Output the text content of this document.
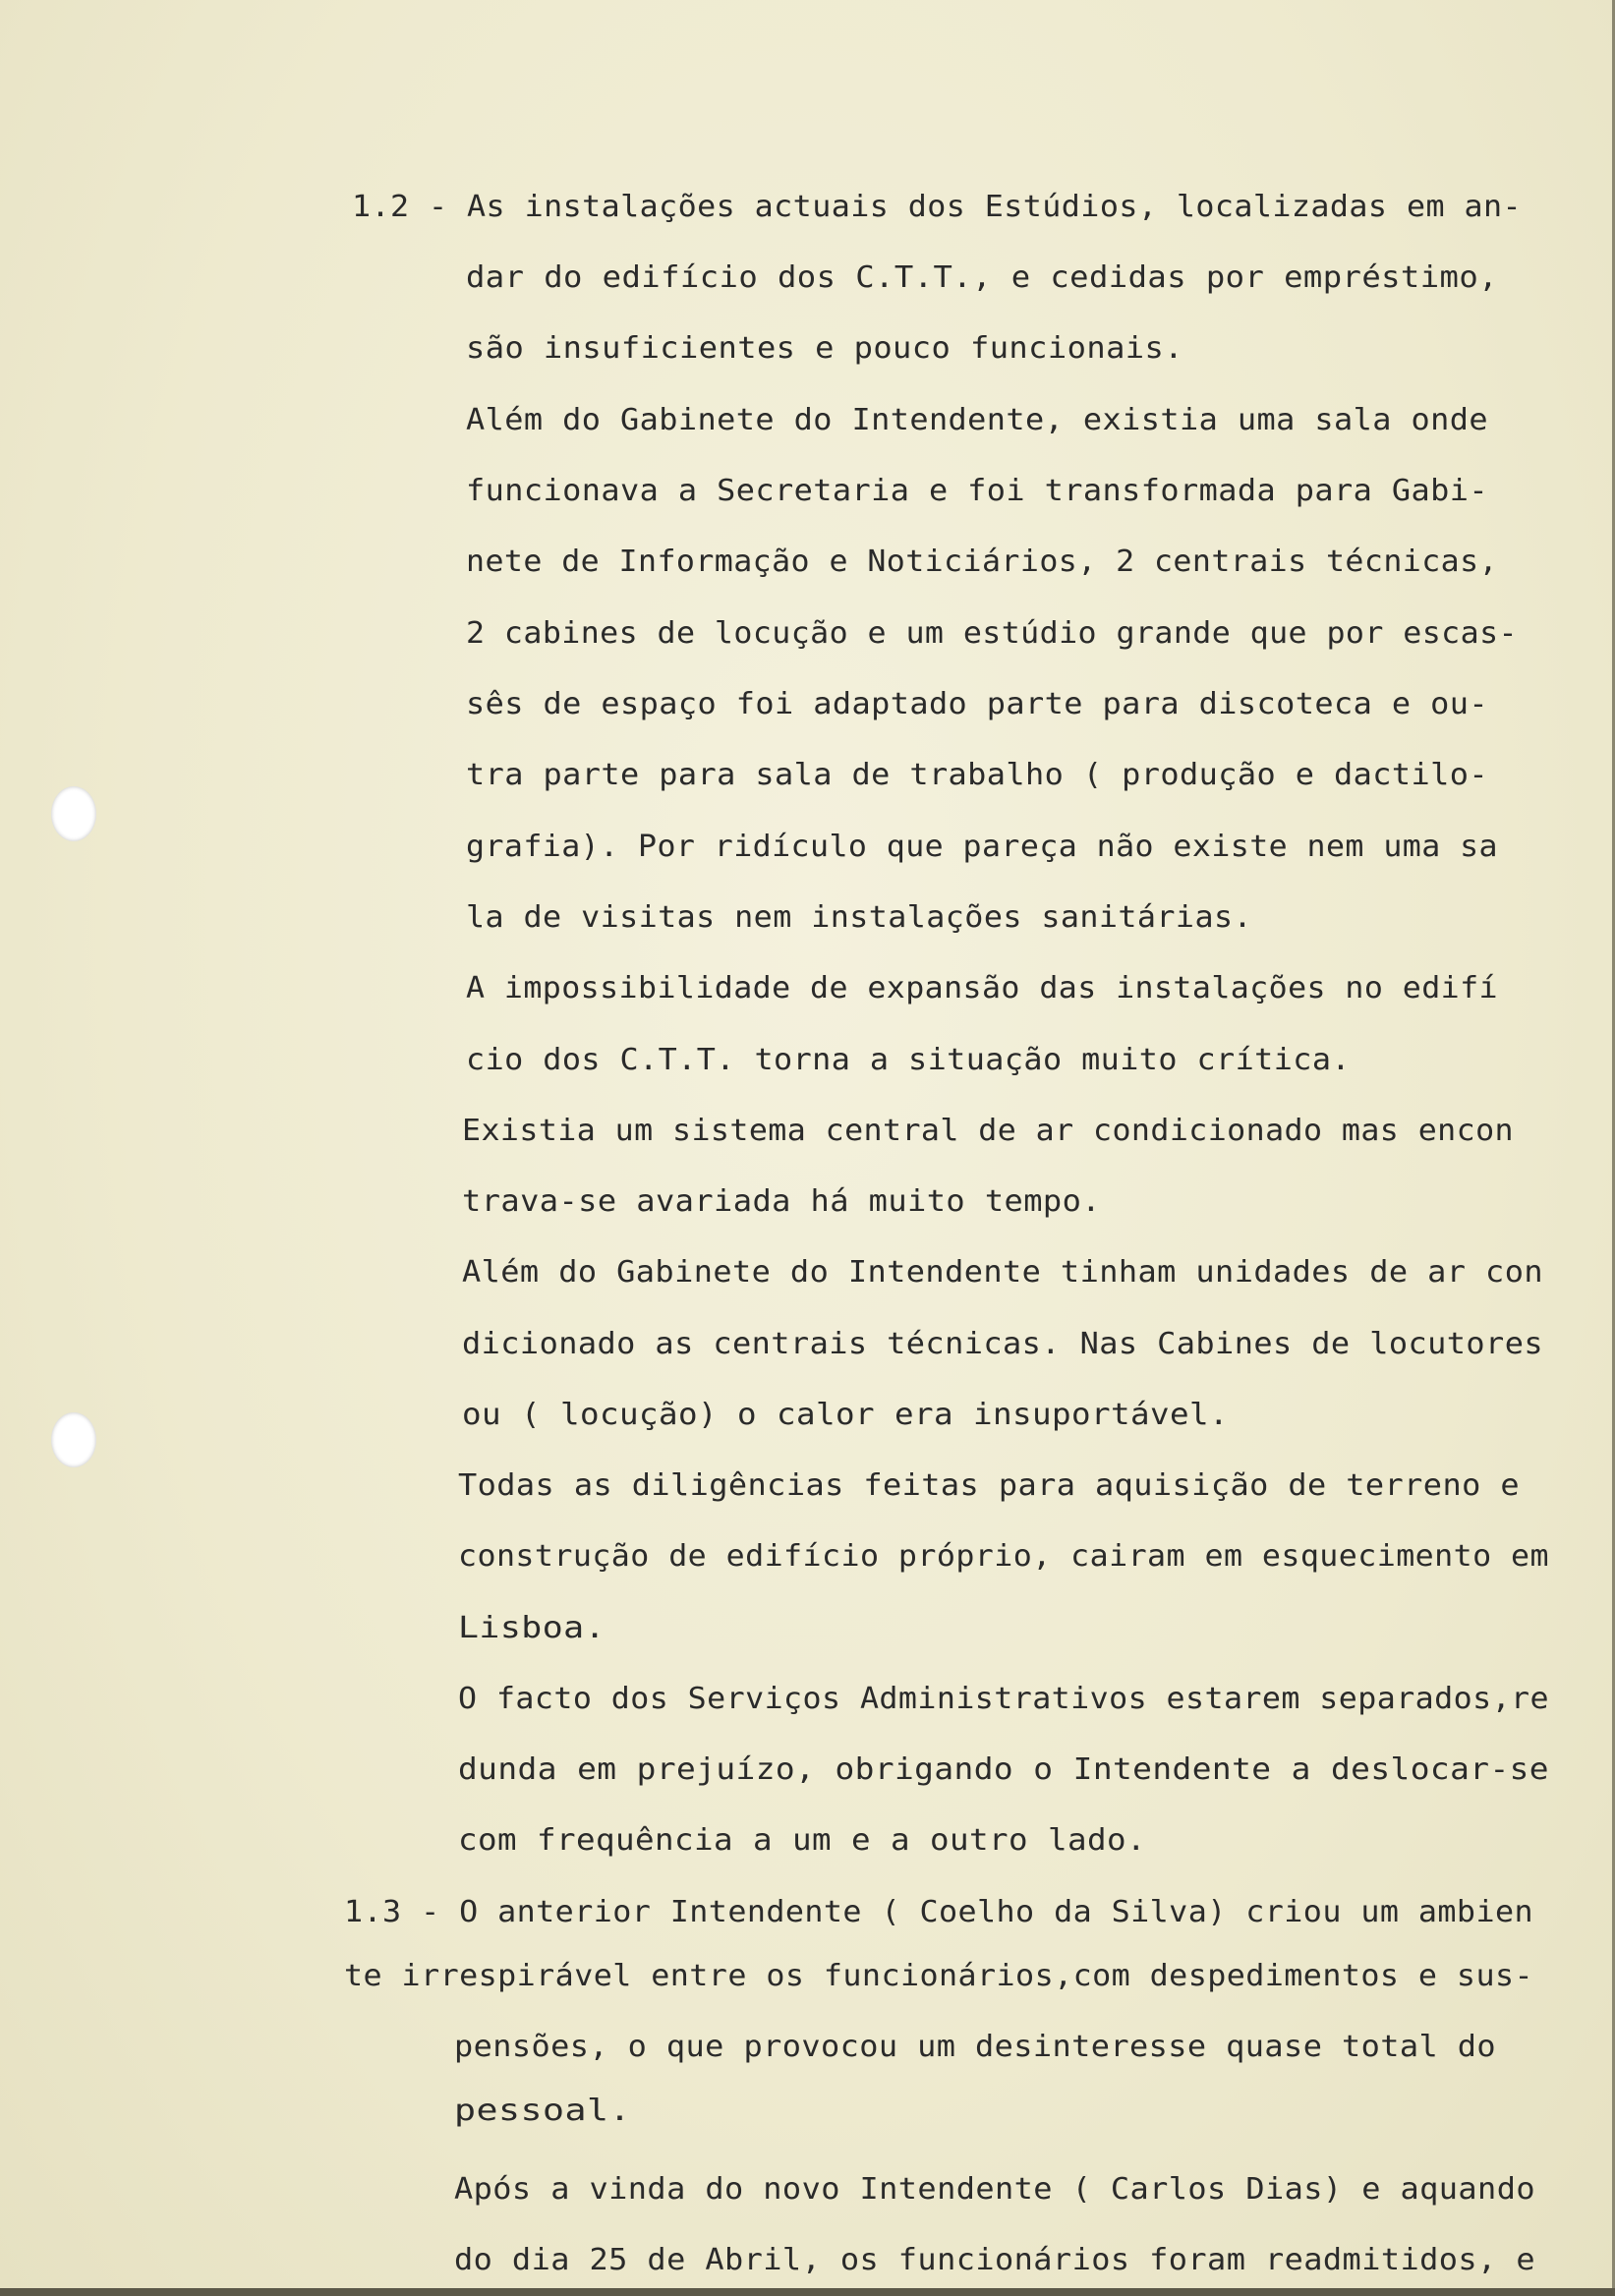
1.2 - As instalações actuais dos Estúdios, localizadas em an-

dar do edifício dos C.T.T., e cedidas por empréstimo,

são insuficientes e pouco funcionais.

Além do Gabinete do Intendente, existia uma sala onde

funcionava a Secretaria e foi transformada para Gabi-

nete de Informação e Noticiários, 2 centrais técnicas,

2 cabines de locução e um estúdio grande que por escas-

sês de espaço foi adaptado parte para discoteca e ou-

tra parte para sala de trabalho ( produção e dactilo-

grafia). Por ridículo que pareça não existe nem uma sa

la de visitas nem instalações sanitárias.

A impossibilidade de expansão das instalações no edifí

cio dos C.T.T. torna a situação muito crítica.

Existia um sistema central de ar condicionado mas encon

trava-se avariada há muito tempo.

Além do Gabinete do Intendente tinham unidades de ar con

dicionado as centrais técnicas. Nas Cabines de locutores

ou ( locução) o calor era insuportável.

Todas as diligências feitas para aquisição de terreno e

construção de edifício próprio, cairam em esquecimento em

Lisboa.

O facto dos Serviços Administrativos estarem separados,re

dunda em prejuízo, obrigando o Intendente a deslocar-se

com frequência a um e a outro lado.

1.3 - O anterior Intendente ( Coelho da Silva) criou um ambien

te irrespirável entre os funcionários,com despedimentos e sus-

pensões, o que provocou um desinteresse quase total do

pessoal.

Após a vinda do novo Intendente ( Carlos Dias) e aquando

do dia 25 de Abril, os funcionários foram readmitidos, e
